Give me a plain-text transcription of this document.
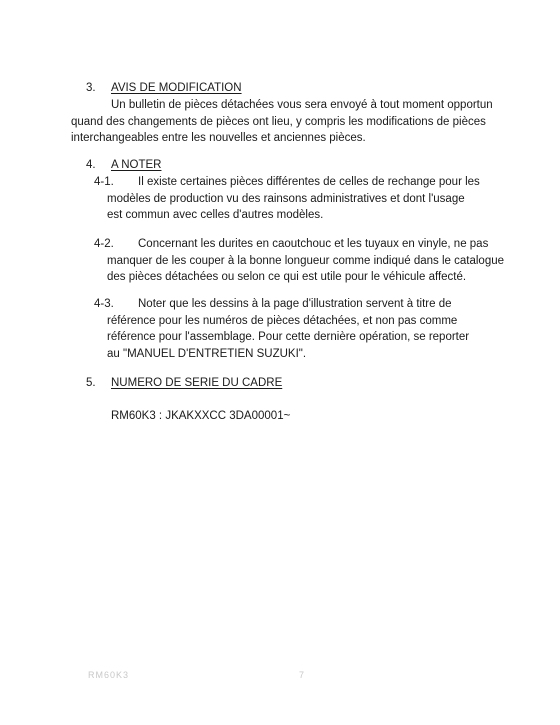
3.	AVIS DE MODIFICATION
Un bulletin de pièces détachées vous sera envoyé à tout moment opportun
quand des changements de pièces ont lieu, y compris les modifications de pièces
interchangeables entre les nouvelles et anciennes pièces.
4.	A NOTER
4-1. Il existe certaines pièces différentes de celles de rechange pour les
modèles de production vu des rainsons administratives et dont l'usage
est commun avec celles d'autres modèles.
4-2. Concernant les durites en caoutchouc et les tuyaux en vinyle, ne pas
manquer de les couper à la bonne longueur comme indiqué dans le catalogue
des pièces détachées ou selon ce qui est utile pour le véhicule affecté.
4-3. Noter que les dessins à la page d'illustration servent à titre de
référence pour les numéros de pièces détachées, et non pas comme
référence pour l'assemblage. Pour cette dernière opération, se reporter
au "MANUEL D'ENTRETIEN SUZUKI".
5.	NUMERO DE SERIE DU CADRE
RM60K3 : JKAKXXCC 3DA00001~
RM60K3	7
